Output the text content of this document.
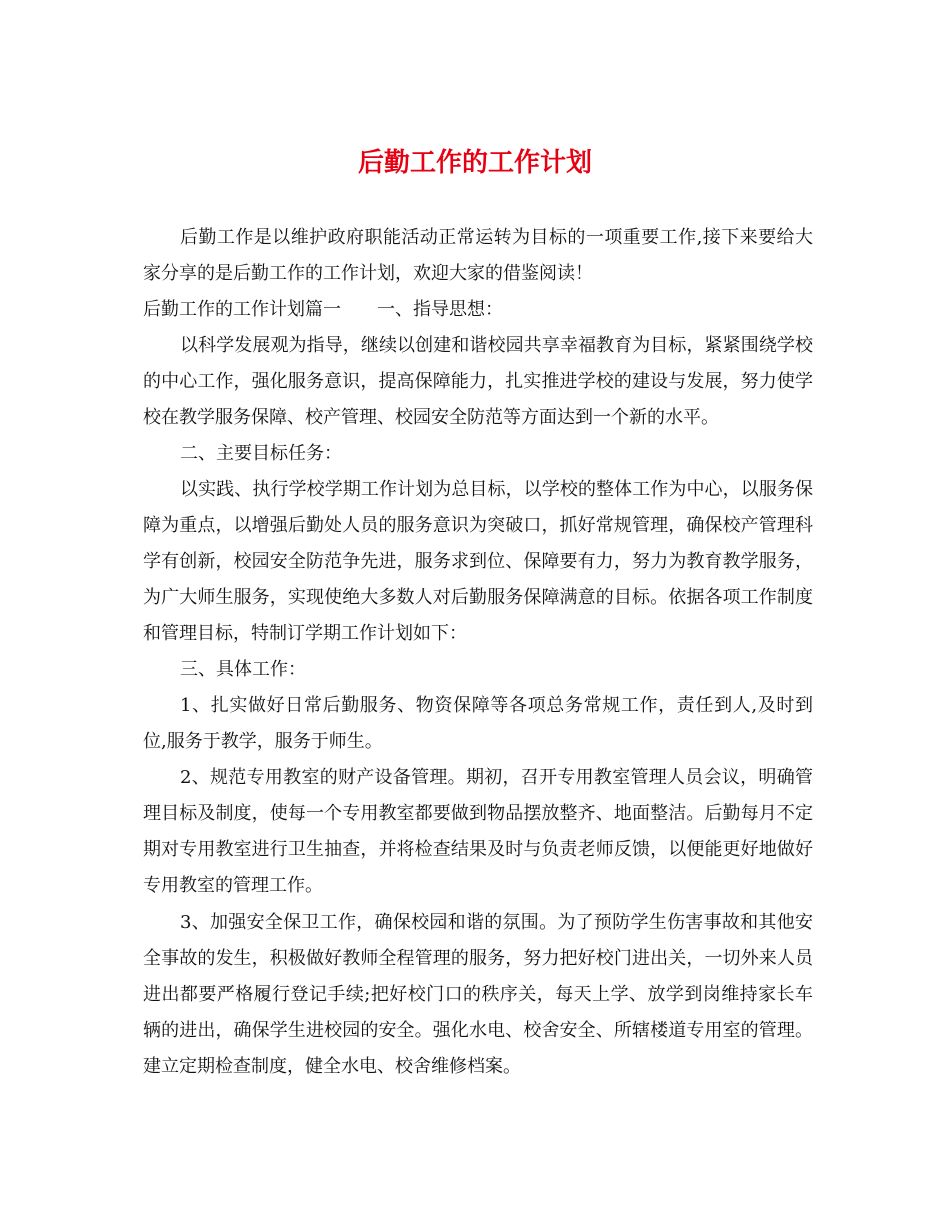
后勤工作的工作计划

后勤工作是以维护政府职能活动正常运转为目标的一项重要工作,接下来要给大家分享的是后勤工作的工作计划，欢迎大家的借鉴阅读！

后勤工作的工作计划篇一　　一、指导思想：

以科学发展观为指导，继续以创建和谐校园共享幸福教育为目标，紧紧围绕学校的中心工作，强化服务意识，提高保障能力，扎实推进学校的建设与发展，努力使学校在教学服务保障、校产管理、校园安全防范等方面达到一个新的水平。

二、主要目标任务：

以实践、执行学校学期工作计划为总目标，以学校的整体工作为中心，以服务保障为重点，以增强后勤处人员的服务意识为突破口，抓好常规管理，确保校产管理科学有创新，校园安全防范争先进，服务求到位、保障要有力，努力为教育教学服务，为广大师生服务，实现使绝大多数人对后勤服务保障满意的目标。依据各项工作制度和管理目标，特制订学期工作计划如下：

三、具体工作：

1、扎实做好日常后勤服务、物资保障等各项总务常规工作，责任到人,及时到位,服务于教学，服务于师生。

2、规范专用教室的财产设备管理。期初，召开专用教室管理人员会议，明确管理目标及制度，使每一个专用教室都要做到物品摆放整齐、地面整洁。后勤每月不定期对专用教室进行卫生抽查，并将检查结果及时与负责老师反馈，以便能更好地做好专用教室的管理工作。

3、加强安全保卫工作，确保校园和谐的氛围。为了预防学生伤害事故和其他安全事故的发生，积极做好教师全程管理的服务，努力把好校门进出关，一切外来人员进出都要严格履行登记手续;把好校门口的秩序关，每天上学、放学到岗维持家长车辆的进出，确保学生进校园的安全。强化水电、校舍安全、所辖楼道专用室的管理。建立定期检查制度，健全水电、校舍维修档案。
